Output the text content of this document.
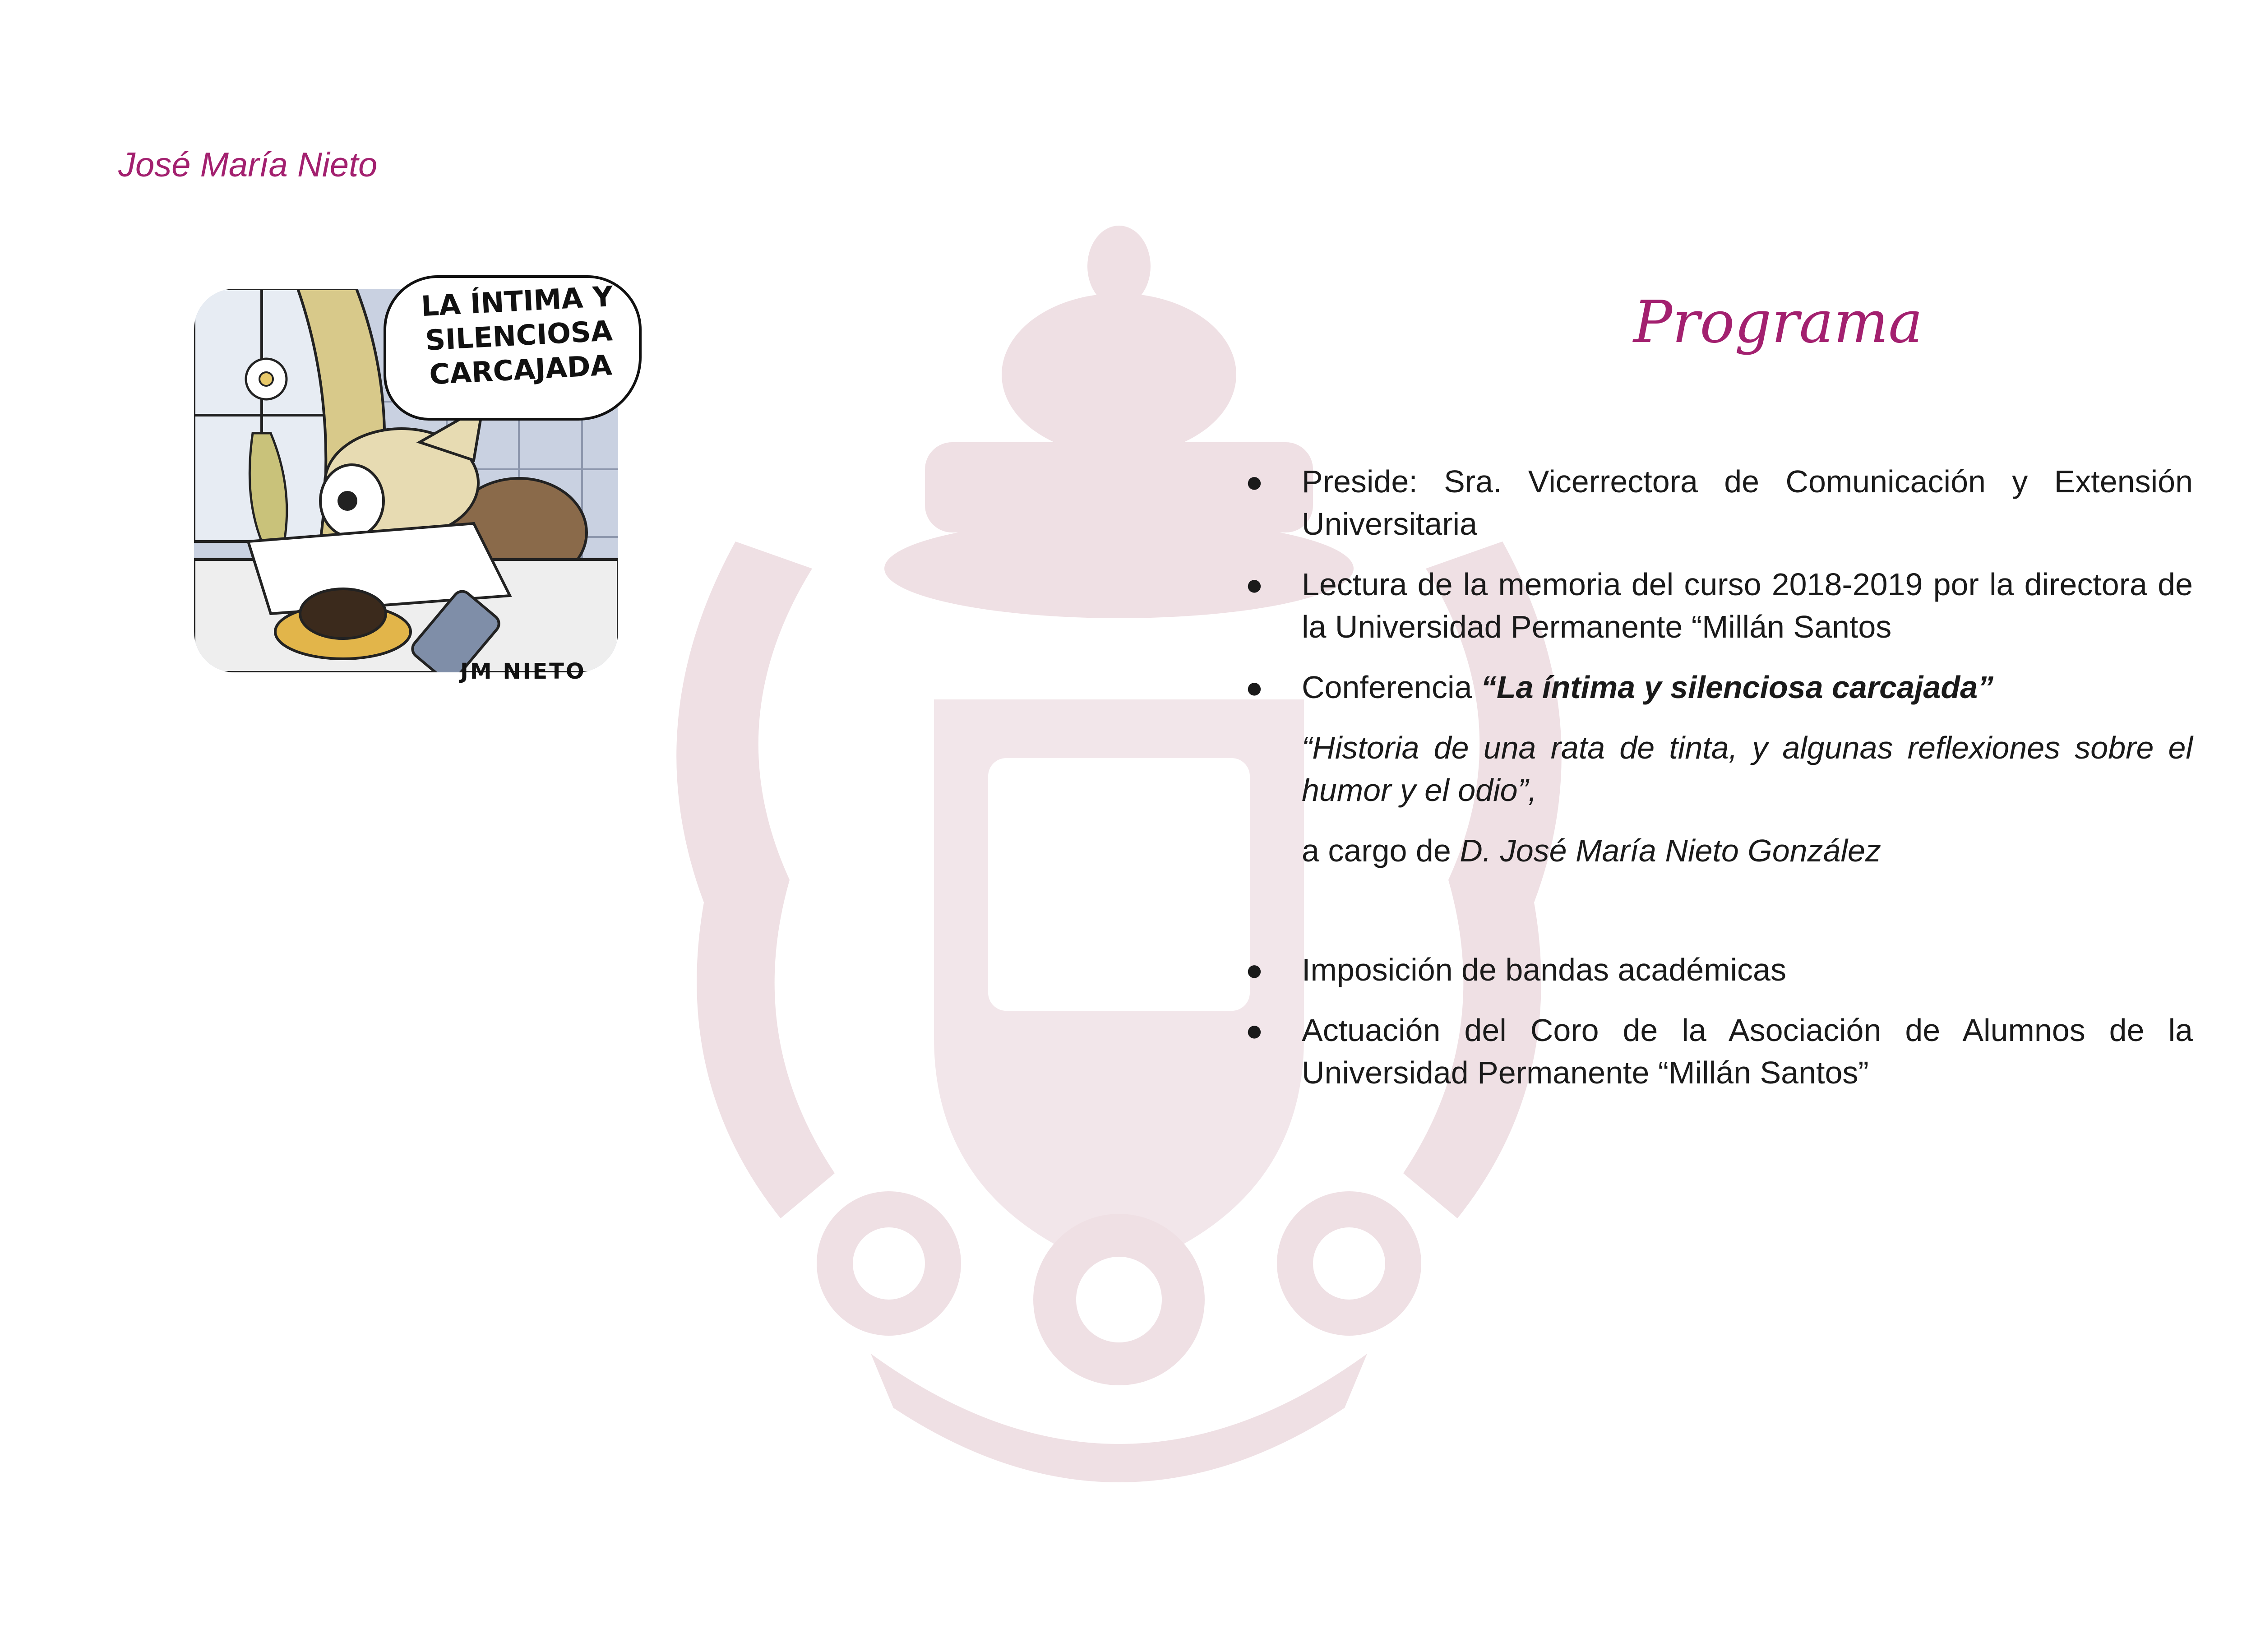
José María Nieto
LA ÍNTIMA Y SILENCIOSA CARCAJADA
JM NIETO
Programa
● Preside: Sra. Vicerrectora de Comunicación y Extensión Universitaria
● Lectura de la memoria del curso 2018-2019 por la directora de la Universidad Permanente “Millán Santos
● Conferencia “La íntima y silenciosa carcajada”
“Historia de una rata de tinta, y algunas reflexiones sobre el humor y el odio”,
a cargo de D. José María Nieto González
● Imposición de bandas académicas
● Actuación del Coro de la Asociación de Alumnos de la Universidad Permanente “Millán Santos”
